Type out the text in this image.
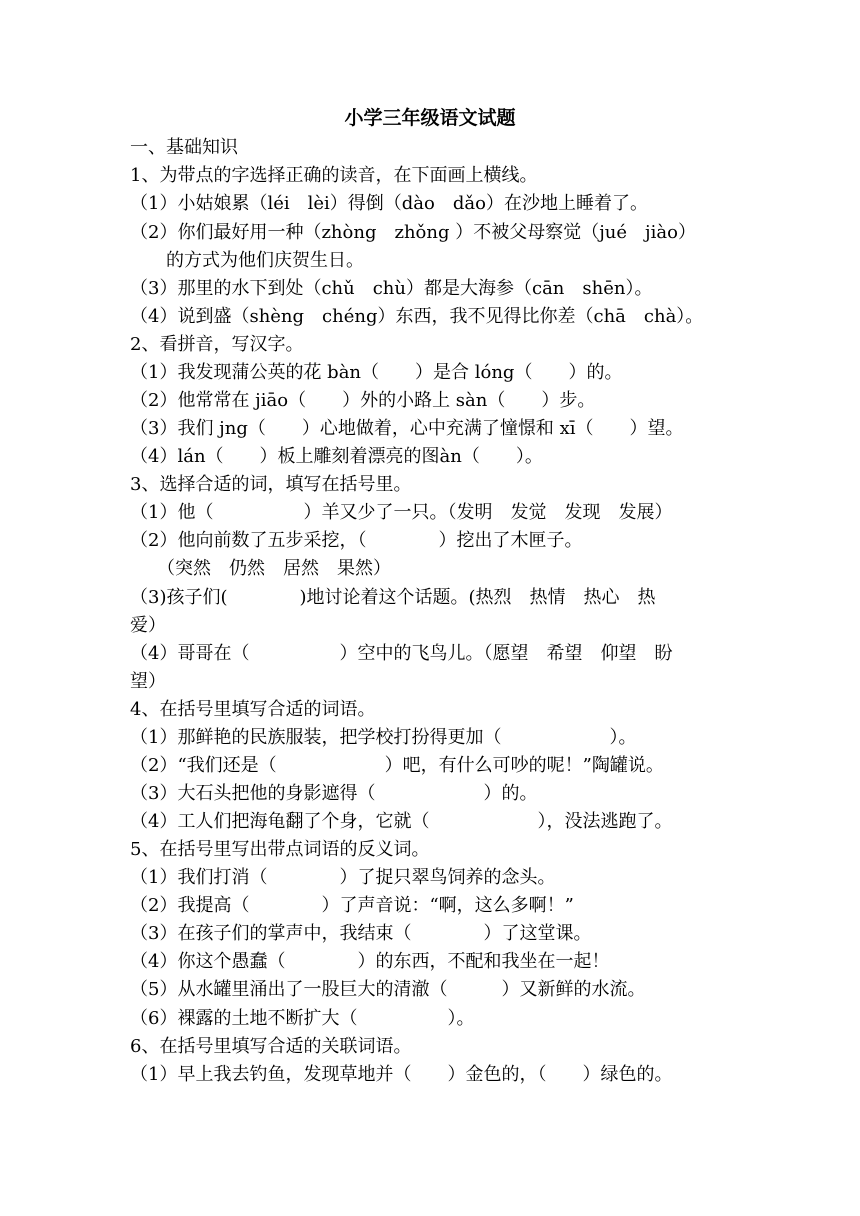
小学三年级语文试题
一、基础知识
1、为带点的字选择正确的读音，在下面画上横线。
（1）小姑娘累（léi　lèi）得倒（dào　dǎo）在沙地上睡着了。
（2）你们最好用一种（zhòng　zhǒng ）不被父母察觉（jué　jiào）
　　的方式为他们庆贺生日。
（3）那里的水下到处（chǔ　chù）都是大海参（cān　shēn）。
（4）说到盛（shèng　chéng）东西，我不见得比你差（chā　chà）。
2、看拼音，写汉字。
（1）我发现蒲公英的花 bàn（　　）是合 lóng（　　）的。
（2）他常常在 jiāo（　　）外的小路上 sàn（　　）步。
（3）我们 jng（　　）心地做着，心中充满了憧憬和 xī（　　）望。
（4）lán（　　）板上雕刻着漂亮的图àn（　　）。
3、选择合适的词，填写在括号里。
（1）他（　　　　　）羊又少了一只。（发明　发觉　发现　发展）
（2）他向前数了五步采挖，（　　　　）挖出了木匣子。
　　（突然　仍然　居然　果然）
（3)孩子们(　　　　)地讨论着这个话题。(热烈　热情　热心　热
爱）
（4）哥哥在（　　　　　）空中的飞鸟儿。（愿望　希望　仰望　盼
望）
4、在括号里填写合适的词语。
（1）那鲜艳的民族服装，把学校打扮得更加（　　　　　　）。
（2）“我们还是（　　　　　　）吧，有什么可吵的呢！”陶罐说。
（3）大石头把他的身影遮得（　　　　　　）的。
（4）工人们把海龟翻了个身，它就（　　　　　　），没法逃跑了。
5、在括号里写出带点词语的反义词。
（1）我们打消（　　　　）了捉只翠鸟饲养的念头。
（2）我提高（　　　　）了声音说：“啊，这么多啊！”
（3）在孩子们的掌声中，我结束（　　　　）了这堂课。
（4）你这个愚蠢（　　　　）的东西，不配和我坐在一起！
（5）从水罐里涌出了一股巨大的清澈（　　　）又新鲜的水流。
（6）裸露的土地不断扩大（　　　　　）。
6、在括号里填写合适的关联词语。
（1）早上我去钓鱼，发现草地并（　　）金色的，（　　）绿色的。
